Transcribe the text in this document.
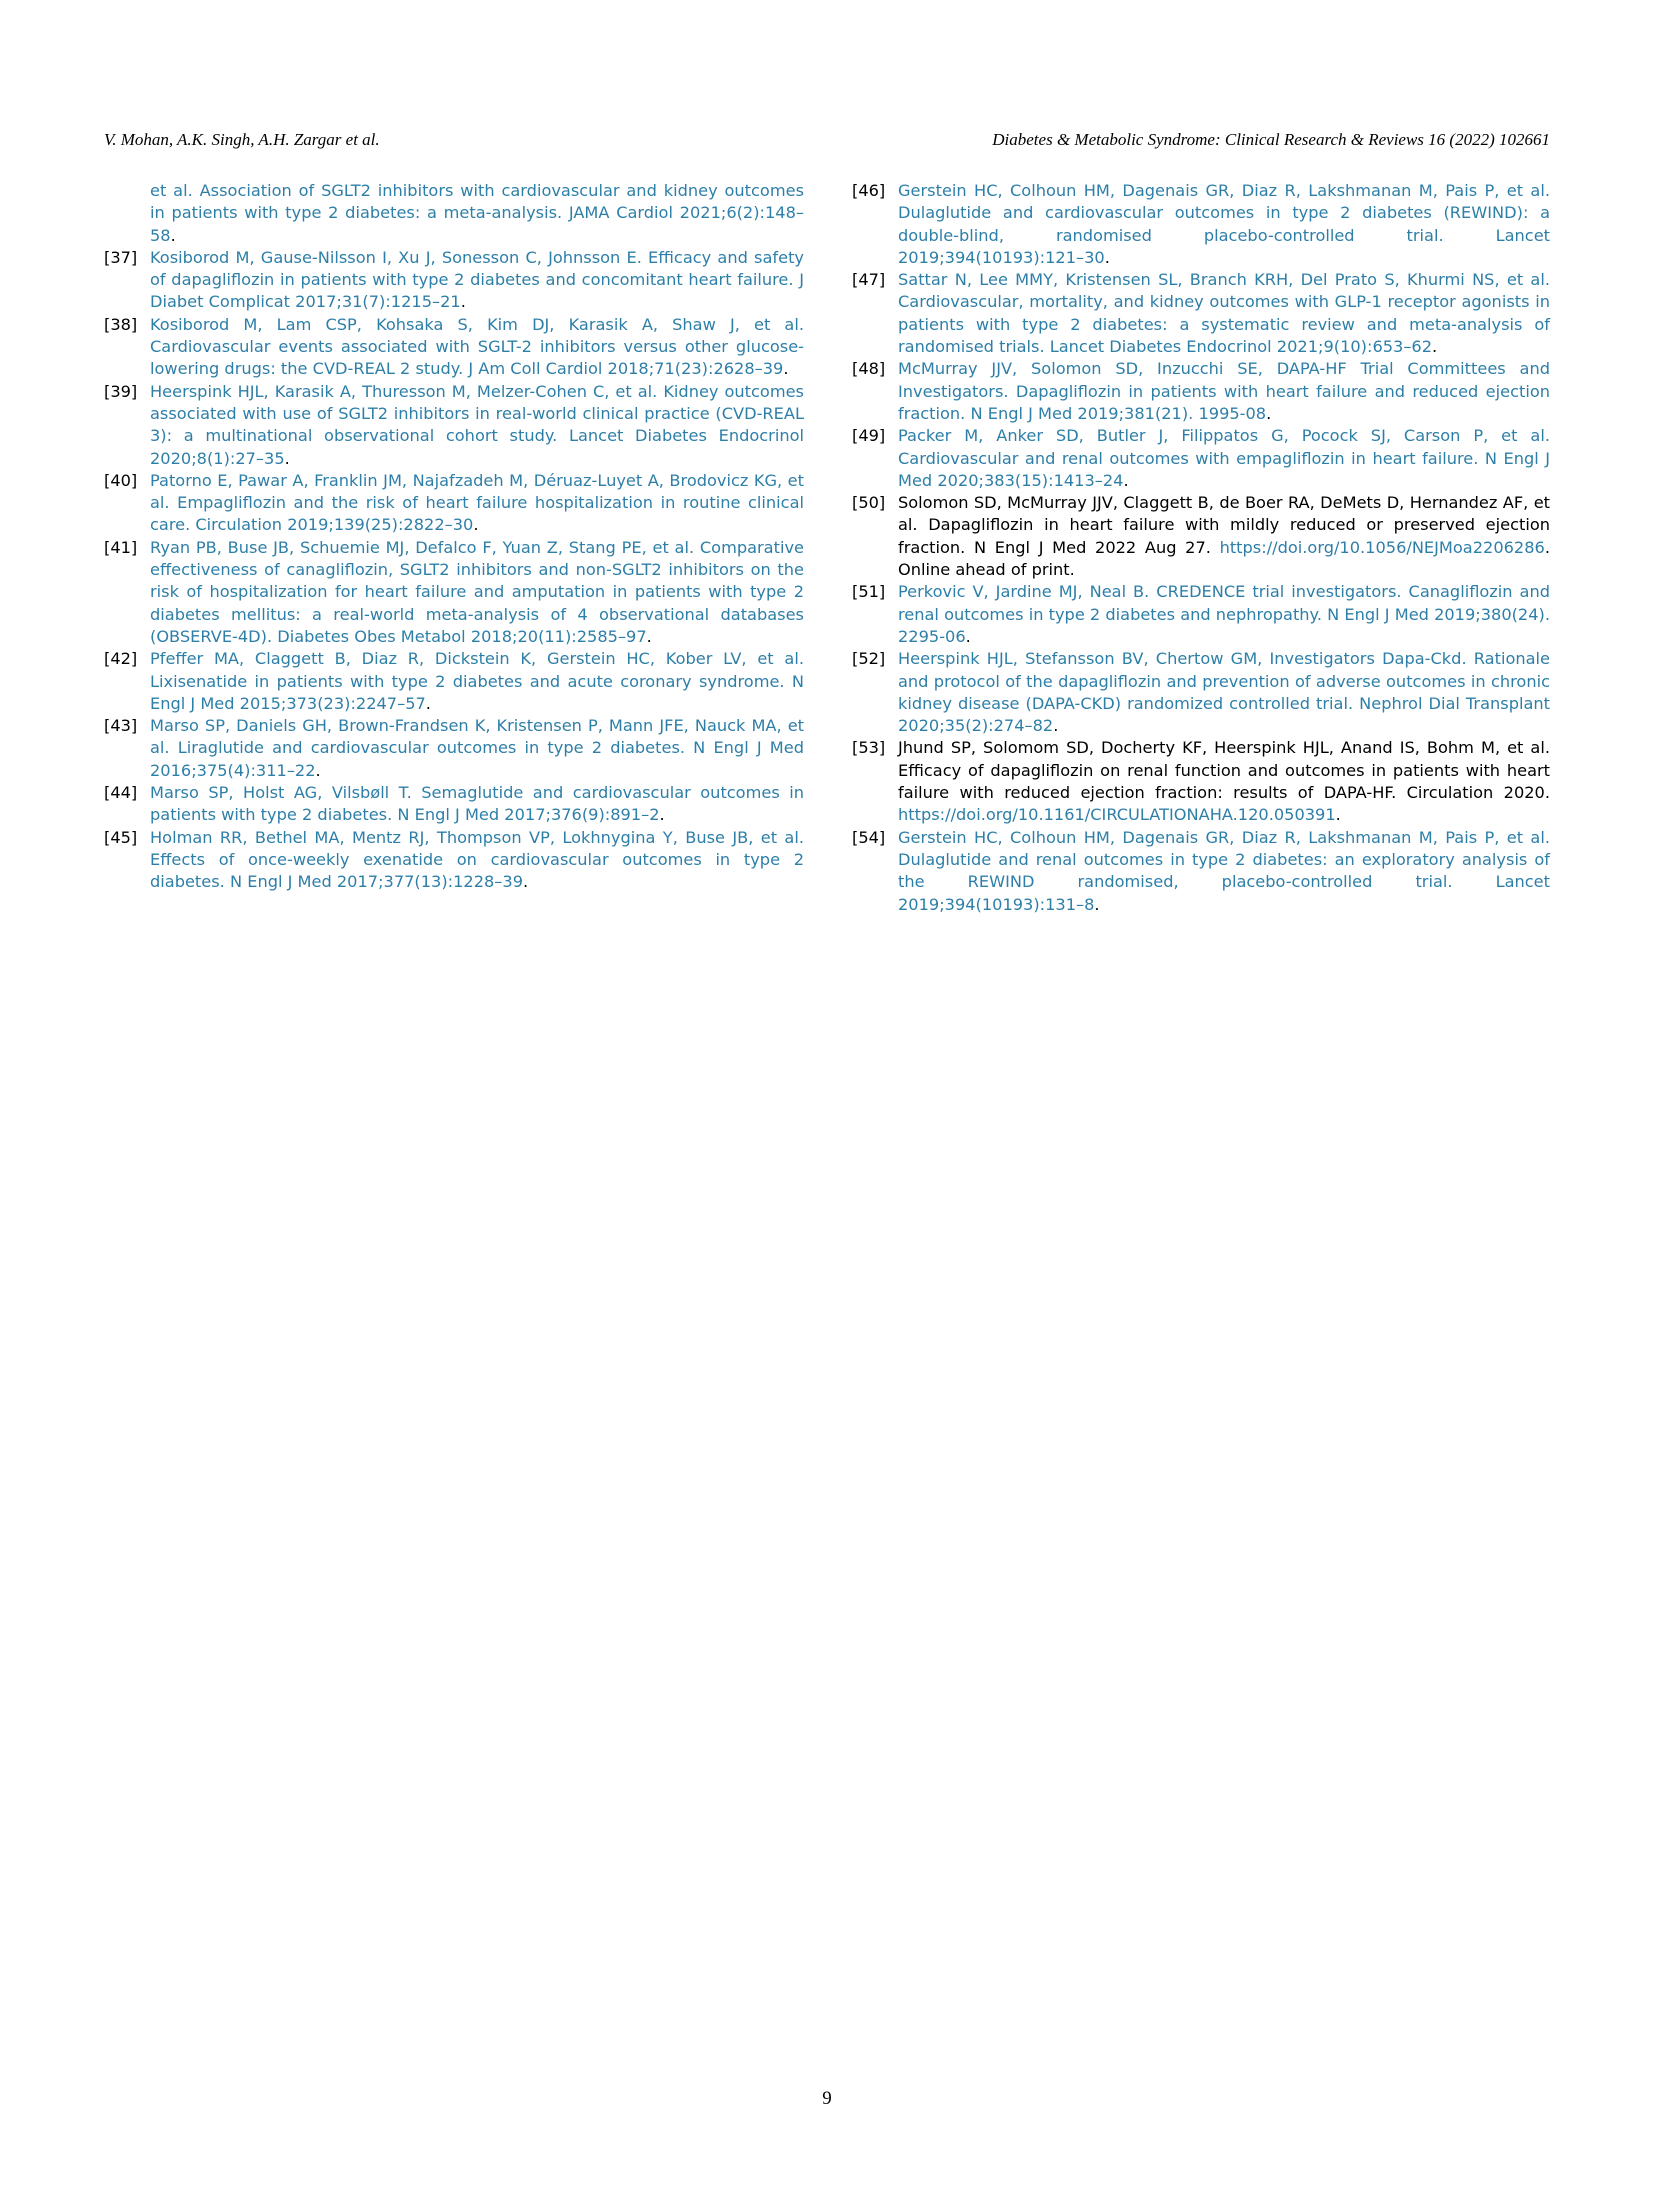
V. Mohan, A.K. Singh, A.H. Zargar et al.	Diabetes & Metabolic Syndrome: Clinical Research & Reviews 16 (2022) 102661
et al. Association of SGLT2 inhibitors with cardiovascular and kidney outcomes in patients with type 2 diabetes: a meta-analysis. JAMA Cardiol 2021;6(2):148–58.
[37] Kosiborod M, Gause-Nilsson I, Xu J, Sonesson C, Johnsson E. Efficacy and safety of dapagliflozin in patients with type 2 diabetes and concomitant heart failure. J Diabet Complicat 2017;31(7):1215–21.
[38] Kosiborod M, Lam CSP, Kohsaka S, Kim DJ, Karasik A, Shaw J, et al. Cardiovascular events associated with SGLT-2 inhibitors versus other glucose-lowering drugs: the CVD-REAL 2 study. J Am Coll Cardiol 2018;71(23):2628–39.
[39] Heerspink HJL, Karasik A, Thuresson M, Melzer-Cohen C, et al. Kidney outcomes associated with use of SGLT2 inhibitors in real-world clinical practice (CVD-REAL 3): a multinational observational cohort study. Lancet Diabetes Endocrinol 2020;8(1):27–35.
[40] Patorno E, Pawar A, Franklin JM, Najafzadeh M, Déruaz-Luyet A, Brodovicz KG, et al. Empagliflozin and the risk of heart failure hospitalization in routine clinical care. Circulation 2019;139(25):2822–30.
[41] Ryan PB, Buse JB, Schuemie MJ, Defalco F, Yuan Z, Stang PE, et al. Comparative effectiveness of canagliflozin, SGLT2 inhibitors and non-SGLT2 inhibitors on the risk of hospitalization for heart failure and amputation in patients with type 2 diabetes mellitus: a real-world meta-analysis of 4 observational databases (OBSERVE-4D). Diabetes Obes Metabol 2018;20(11):2585–97.
[42] Pfeffer MA, Claggett B, Diaz R, Dickstein K, Gerstein HC, Kober LV, et al. Lixisenatide in patients with type 2 diabetes and acute coronary syndrome. N Engl J Med 2015;373(23):2247–57.
[43] Marso SP, Daniels GH, Brown-Frandsen K, Kristensen P, Mann JFE, Nauck MA, et al. Liraglutide and cardiovascular outcomes in type 2 diabetes. N Engl J Med 2016;375(4):311–22.
[44] Marso SP, Holst AG, Vilsbøll T. Semaglutide and cardiovascular outcomes in patients with type 2 diabetes. N Engl J Med 2017;376(9):891–2.
[45] Holman RR, Bethel MA, Mentz RJ, Thompson VP, Lokhnygina Y, Buse JB, et al. Effects of once-weekly exenatide on cardiovascular outcomes in type 2 diabetes. N Engl J Med 2017;377(13):1228–39.
[46] Gerstein HC, Colhoun HM, Dagenais GR, Diaz R, Lakshmanan M, Pais P, et al. Dulaglutide and cardiovascular outcomes in type 2 diabetes (REWIND): a double-blind, randomised placebo-controlled trial. Lancet 2019;394(10193):121–30.
[47] Sattar N, Lee MMY, Kristensen SL, Branch KRH, Del Prato S, Khurmi NS, et al. Cardiovascular, mortality, and kidney outcomes with GLP-1 receptor agonists in patients with type 2 diabetes: a systematic review and meta-analysis of randomised trials. Lancet Diabetes Endocrinol 2021;9(10):653–62.
[48] McMurray JJV, Solomon SD, Inzucchi SE, DAPA-HF Trial Committees and Investigators. Dapagliflozin in patients with heart failure and reduced ejection fraction. N Engl J Med 2019;381(21). 1995-08.
[49] Packer M, Anker SD, Butler J, Filippatos G, Pocock SJ, Carson P, et al. Cardiovascular and renal outcomes with empagliflozin in heart failure. N Engl J Med 2020;383(15):1413–24.
[50] Solomon SD, McMurray JJV, Claggett B, de Boer RA, DeMets D, Hernandez AF, et al. Dapagliflozin in heart failure with mildly reduced or preserved ejection fraction. N Engl J Med 2022 Aug 27. https://doi.org/10.1056/NEJMoa2206286. Online ahead of print.
[51] Perkovic V, Jardine MJ, Neal B. CREDENCE trial investigators. Canagliflozin and renal outcomes in type 2 diabetes and nephropathy. N Engl J Med 2019;380(24). 2295-06.
[52] Heerspink HJL, Stefansson BV, Chertow GM, Investigators Dapa-Ckd. Rationale and protocol of the dapagliflozin and prevention of adverse outcomes in chronic kidney disease (DAPA-CKD) randomized controlled trial. Nephrol Dial Transplant 2020;35(2):274–82.
[53] Jhund SP, Solomom SD, Docherty KF, Heerspink HJL, Anand IS, Bohm M, et al. Efficacy of dapagliflozin on renal function and outcomes in patients with heart failure with reduced ejection fraction: results of DAPA-HF. Circulation 2020. https://doi.org/10.1161/CIRCULATIONAHA.120.050391.
[54] Gerstein HC, Colhoun HM, Dagenais GR, Diaz R, Lakshmanan M, Pais P, et al. Dulaglutide and renal outcomes in type 2 diabetes: an exploratory analysis of the REWIND randomised, placebo-controlled trial. Lancet 2019;394(10193):131–8.
9
